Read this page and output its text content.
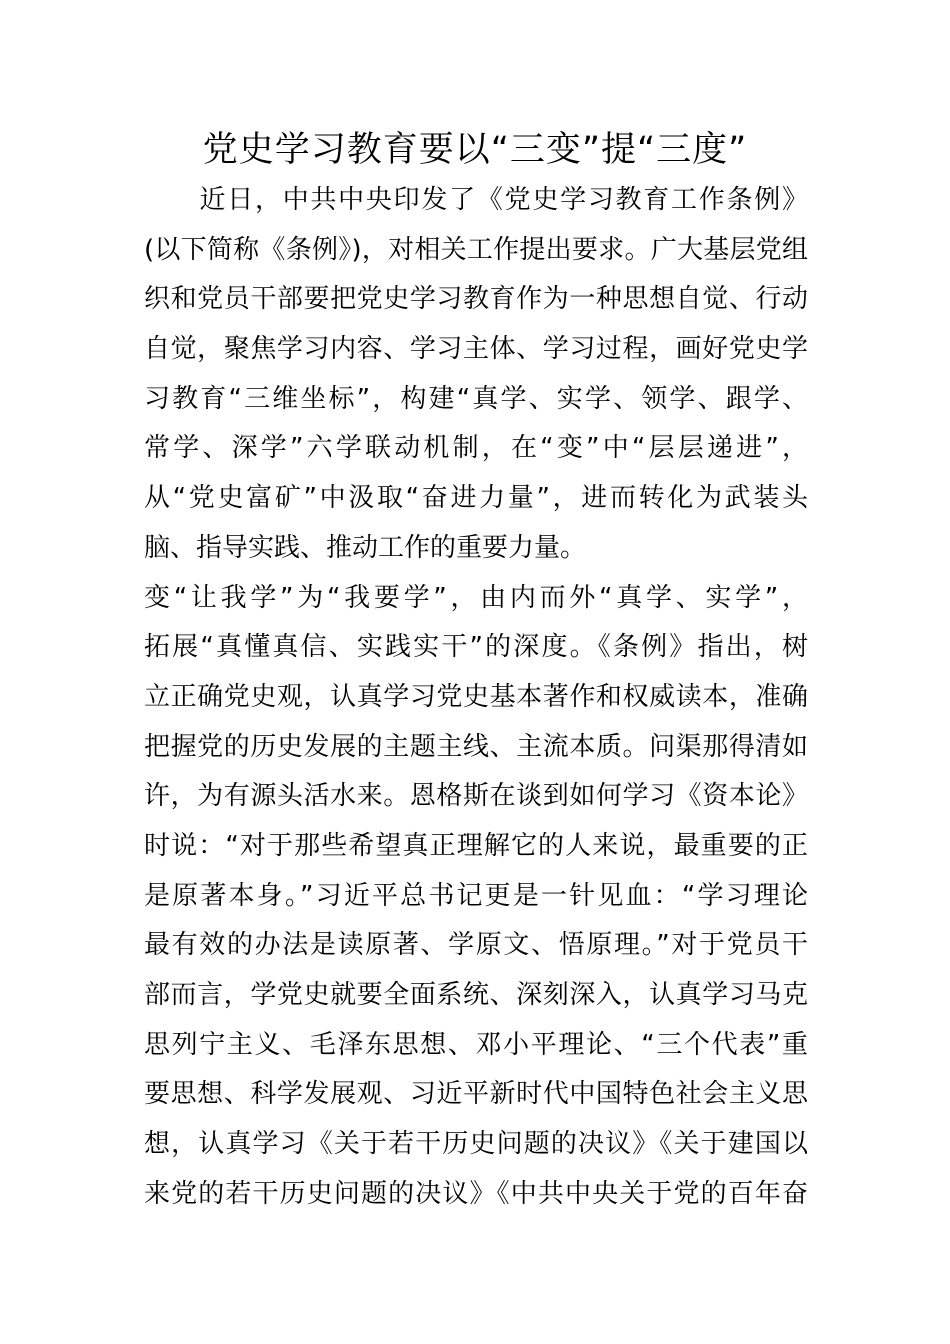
党史学习教育要以“三变”提“三度”
　　近日，中共中央印发了《党史学习教育工作条例》
(以下简称《条例》)，对相关工作提出要求。广大基层党组
织和党员干部要把党史学习教育作为一种思想自觉、行动
自觉，聚焦学习内容、学习主体、学习过程，画好党史学
习教育“三维坐标”，构建“真学、实学、领学、跟学、
常学、深学”六学联动机制，在“变”中“层层递进”，
从“党史富矿”中汲取“奋进力量”，进而转化为武装头
脑、指导实践、推动工作的重要力量。
变“让我学”为“我要学”，由内而外“真学、实学”，
拓展“真懂真信、实践实干”的深度。《条例》指出，树
立正确党史观，认真学习党史基本著作和权威读本，准确
把握党的历史发展的主题主线、主流本质。问渠那得清如
许，为有源头活水来。恩格斯在谈到如何学习《资本论》
时说：“对于那些希望真正理解它的人来说，最重要的正
是原著本身。”习近平总书记更是一针见血：“学习理论
最有效的办法是读原著、学原文、悟原理。”对于党员干
部而言，学党史就要全面系统、深刻深入，认真学习马克
思列宁主义、毛泽东思想、邓小平理论、“三个代表”重
要思想、科学发展观、习近平新时代中国特色社会主义思
想，认真学习《关于若干历史问题的决议》《关于建国以
来党的若干历史问题的决议》《中共中央关于党的百年奋
